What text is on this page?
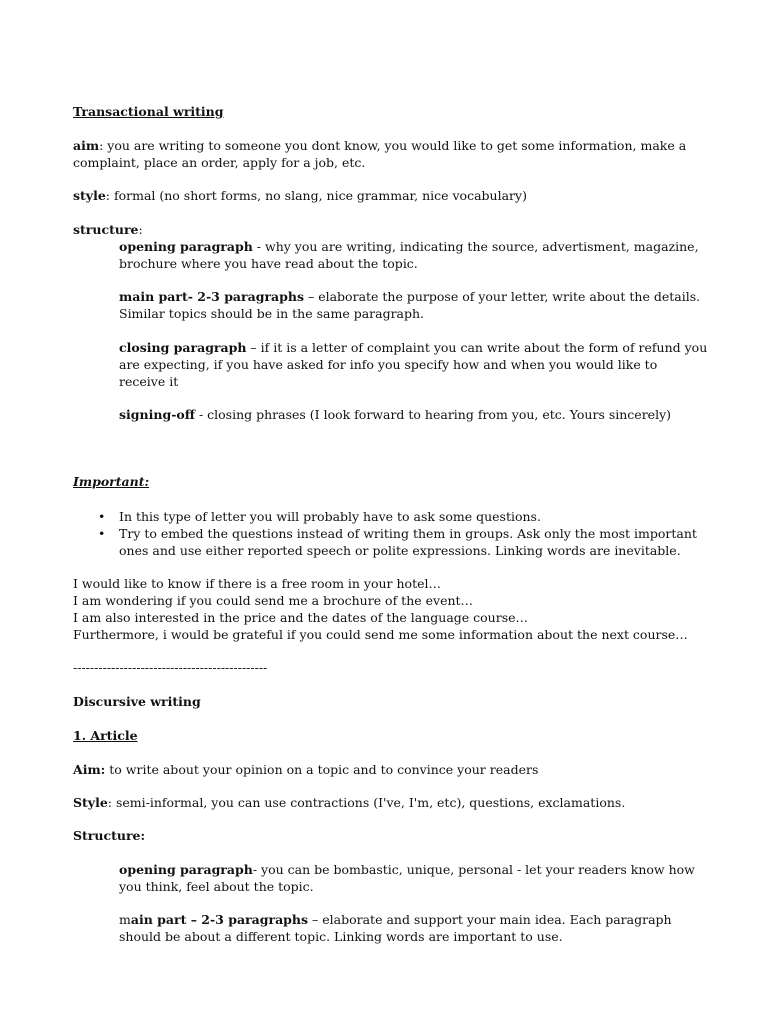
Transactional writing
aim: you are writing to someone you dont know, you would like to get some information, make a
complaint, place an order, apply for a job, etc.
style: formal (no short forms, no slang, nice grammar, nice vocabulary)
structure:
opening paragraph - why you are writing, indicating the source, advertisment, magazine,
brochure where you have read about the topic.
main part- 2-3 paragraphs – elaborate the purpose of your letter, write about the details.
Similar topics should be in the same paragraph.
closing paragraph – if it is a letter of complaint you can write about the form of refund you
are expecting, if you have asked for info you specify how and when you would like to
receive it
signing-off - closing phrases (I look forward to hearing from you, etc. Yours sincerely)
Important:
• In this type of letter you will probably have to ask some questions.
• Try to embed the questions instead of writing them in groups. Ask only the most important
ones and use either reported speech or polite expressions. Linking words are inevitable.
I would like to know if there is a free room in your hotel…
I am wondering if you could send me a brochure of the event…
I am also interested in the price and the dates of the language course…
Furthermore, i would be grateful if you could send me some information about the next course…
----------------------------------------------
Discursive writing
1. Article
Aim: to write about your opinion on a topic and to convince your readers
Style: semi-informal, you can use contractions (I've, I'm, etc), questions, exclamations.
Structure:
opening paragraph- you can be bombastic, unique, personal - let your readers know how
you think, feel about the topic.
main part – 2-3 paragraphs – elaborate and support your main idea. Each paragraph
should be about a different topic. Linking words are important to use.
